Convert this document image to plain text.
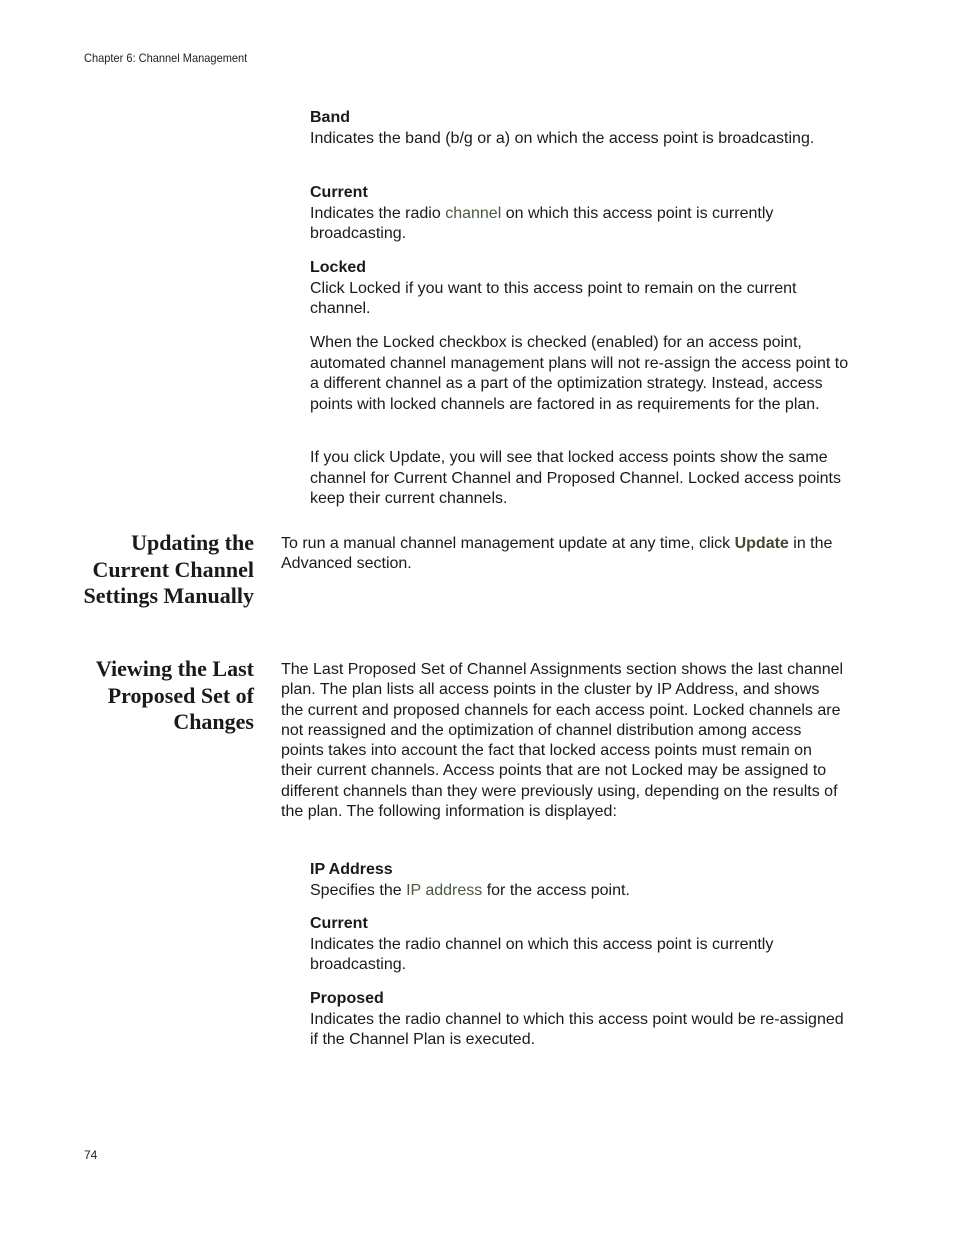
Chapter 6: Channel Management
Band
Indicates the band (b/g or a) on which the access point is broadcasting.
Current
Indicates the radio channel on which this access point is currently broadcasting.
Locked
Click Locked if you want to this access point to remain on the current channel.

When the Locked checkbox is checked (enabled) for an access point, automated channel management plans will not re-assign the access point to a different channel as a part of the optimization strategy. Instead, access points with locked channels are factored in as requirements for the plan.

If you click Update, you will see that locked access points show the same channel for Current Channel and Proposed Channel. Locked access points keep their current channels.

Updating the Current Channel Settings Manually

To run a manual channel management update at any time, click Update in the Advanced section.

Viewing the Last Proposed Set of Changes

The Last Proposed Set of Channel Assignments section shows the last channel plan. The plan lists all access points in the cluster by IP Address, and shows the current and proposed channels for each access point. Locked channels are not reassigned and the optimization of channel distribution among access points takes into account the fact that locked access points must remain on their current channels. Access points that are not Locked may be assigned to different channels than they were previously using, depending on the results of the plan. The following information is displayed:

IP Address
Specifies the IP address for the access point.
Current
Indicates the radio channel on which this access point is currently broadcasting.
Proposed
Indicates the radio channel to which this access point would be re-assigned if the Channel Plan is executed.
74
